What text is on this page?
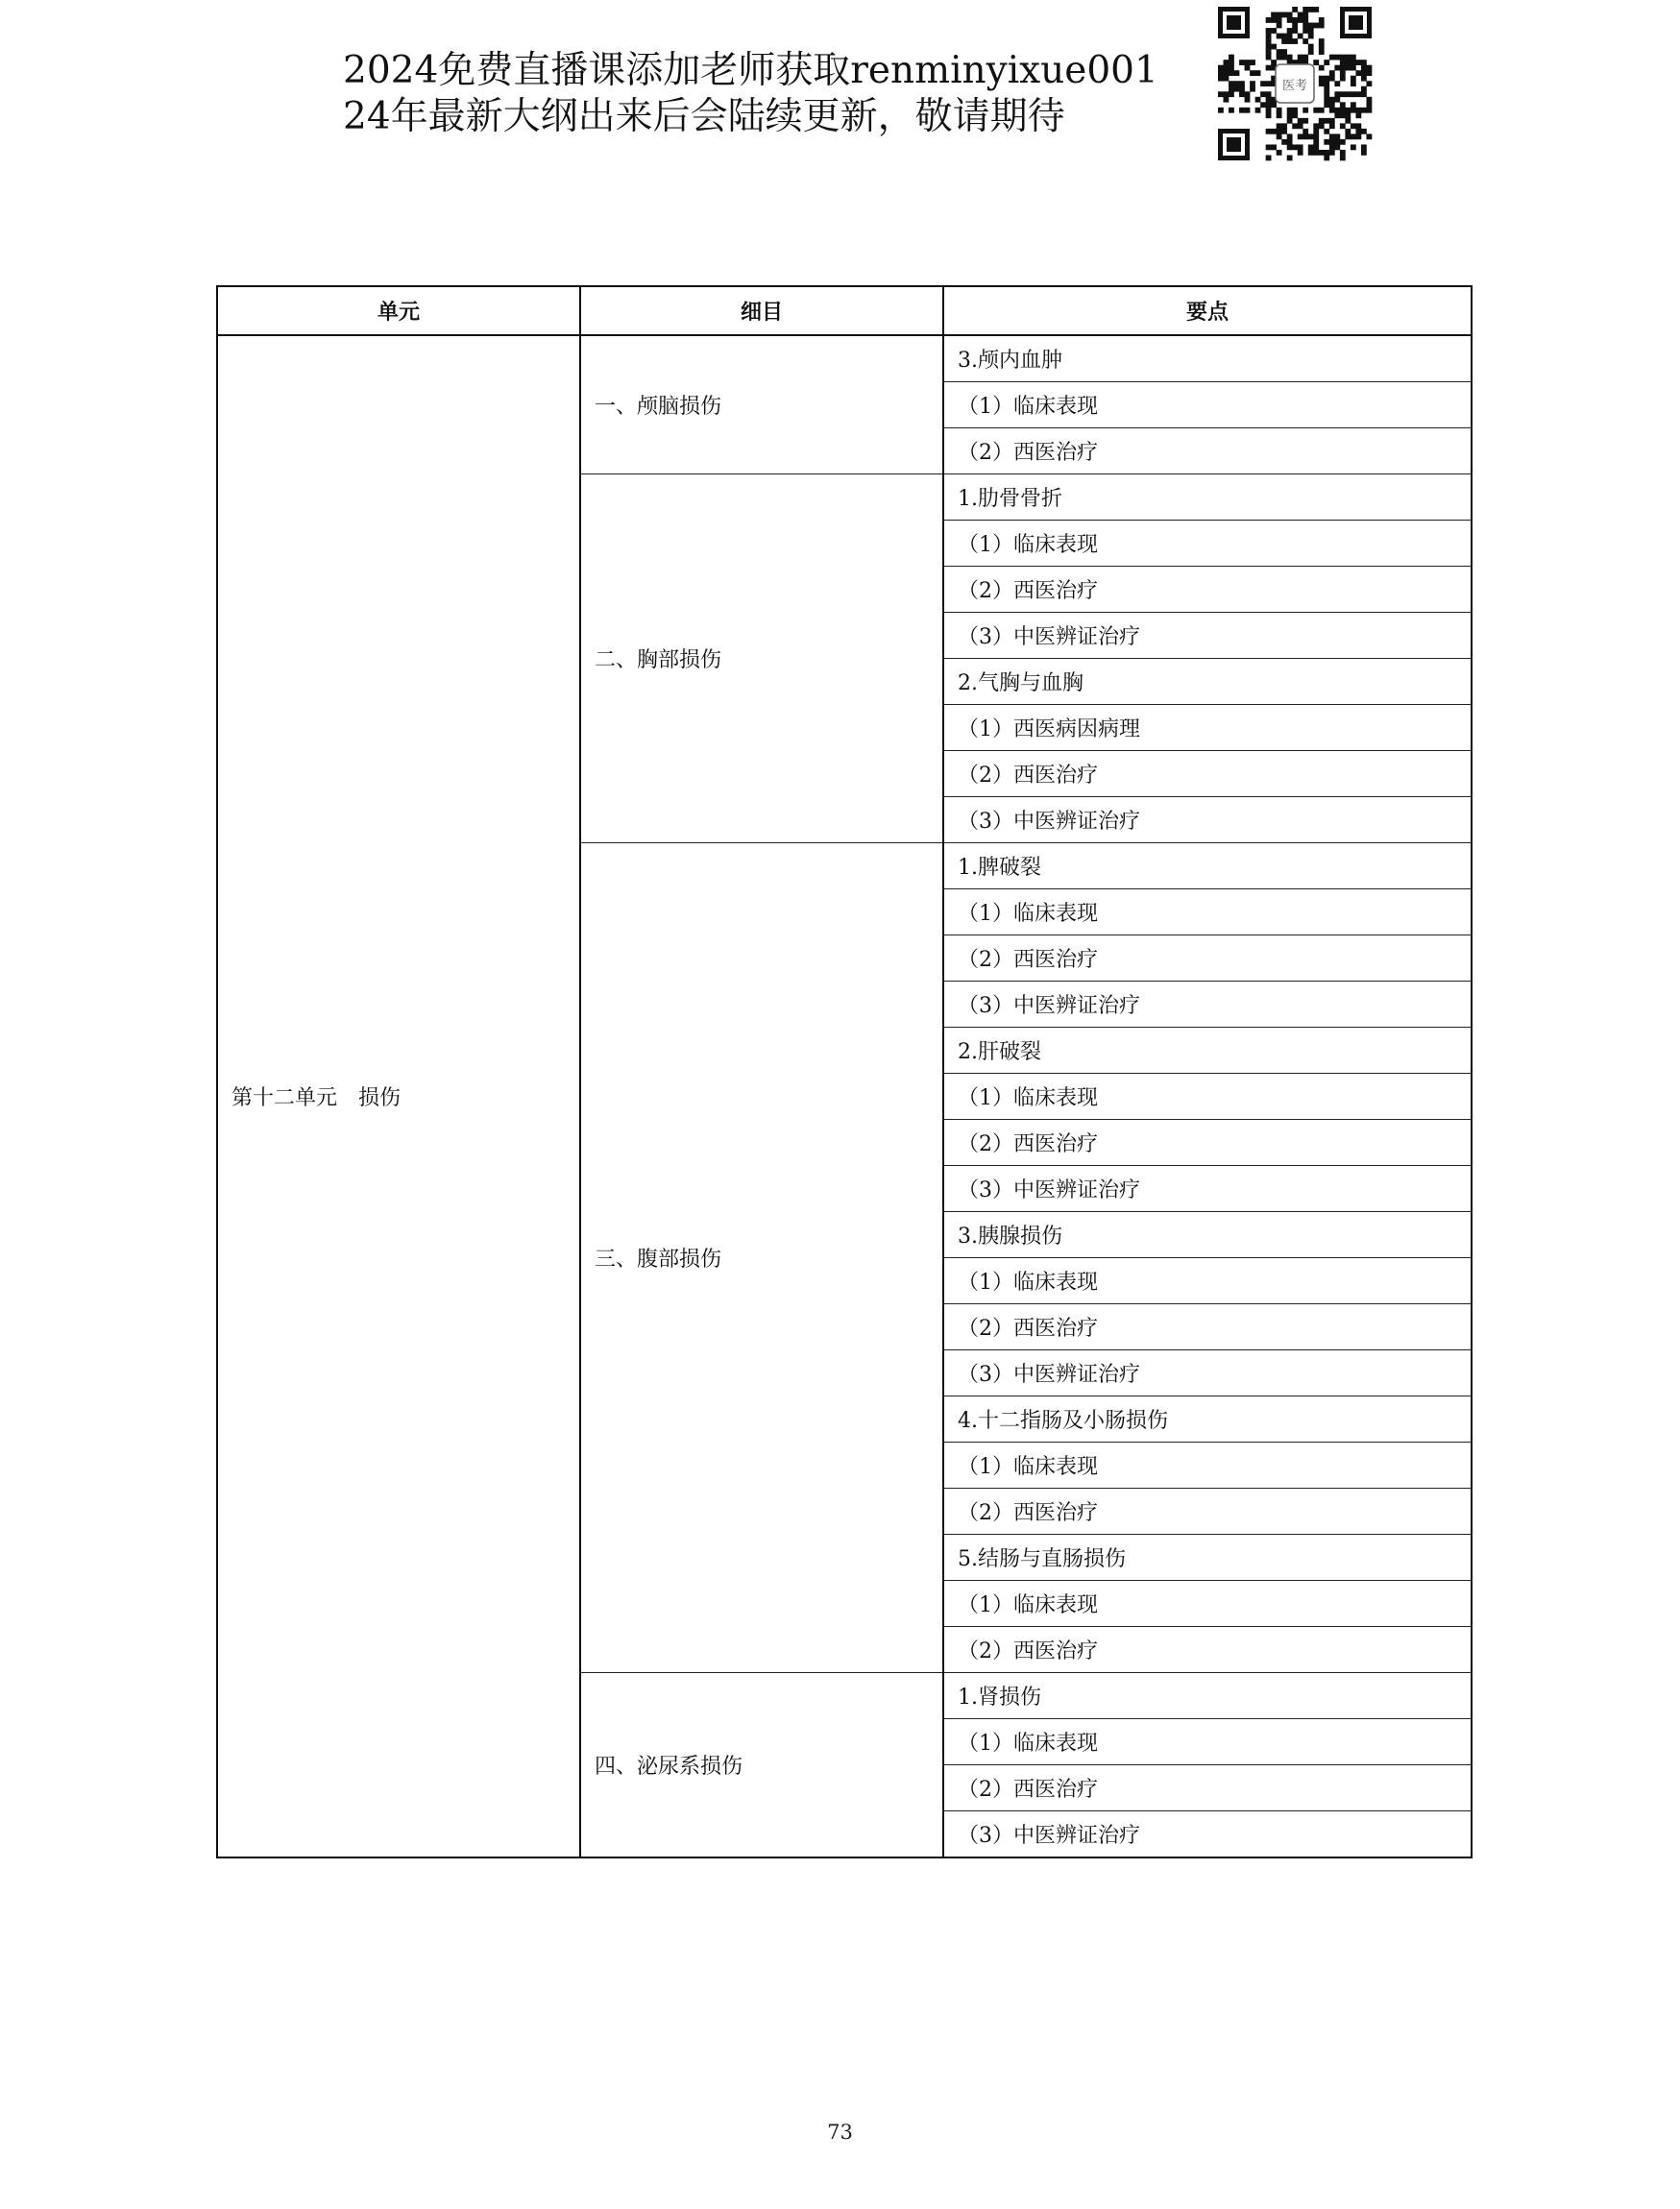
2024免费直播课添加老师获取renminyixue001
24年最新大纲出来后会陆续更新，敬请期待
医考
单元	细目	要点
第十二单元　损伤	一、颅脑损伤	3.颅内血肿
		（1）临床表现
		（2）西医治疗
	二、胸部损伤	1.肋骨骨折
		（1）临床表现
		（2）西医治疗
		（3）中医辨证治疗
		2.气胸与血胸
		（1）西医病因病理
		（2）西医治疗
		（3）中医辨证治疗
	三、腹部损伤	1.脾破裂
		（1）临床表现
		（2）西医治疗
		（3）中医辨证治疗
		2.肝破裂
		（1）临床表现
		（2）西医治疗
		（3）中医辨证治疗
		3.胰腺损伤
		（1）临床表现
		（2）西医治疗
		（3）中医辨证治疗
		4.十二指肠及小肠损伤
		（1）临床表现
		（2）西医治疗
		5.结肠与直肠损伤
		（1）临床表现
		（2）西医治疗
	四、泌尿系损伤	1.肾损伤
		（1）临床表现
		（2）西医治疗
		（3）中医辨证治疗
73
